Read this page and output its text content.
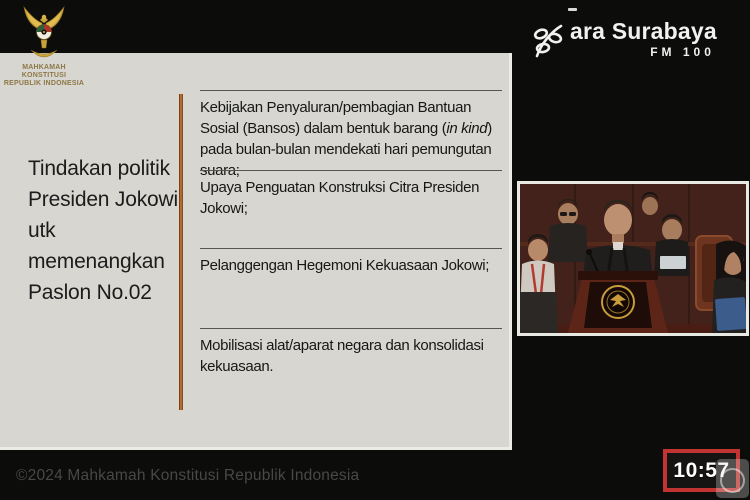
MAHKAMAH KONSTITUSI
REPUBLIK INDONESIA
ara Surabaya
FM 100
Tindakan politik Presiden Jokowi utk memenangkan Paslon No.02

Kebijakan Penyaluran/pembagian Bantuan Sosial (Bansos) dalam bentuk barang (in kind) pada bulan-bulan mendekati hari pemungutan suara;

Upaya Penguatan Konstruksi Citra Presiden Jokowi;

Pelanggengan Hegemoni Kekuasaan Jokowi;

Mobilisasi alat/aparat negara dan konsolidasi kekuasaan.

©2024 Mahkamah Konstitusi Republik Indonesia	10:57
